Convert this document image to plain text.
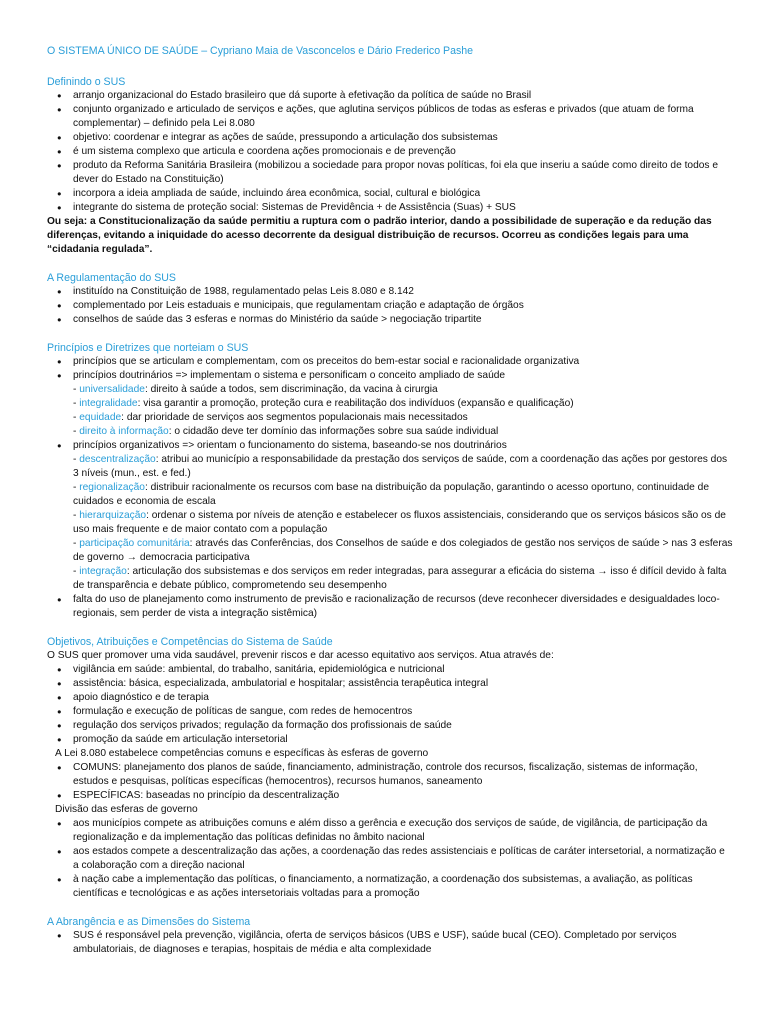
O SISTEMA ÚNICO DE SAÚDE – Cypriano Maia de Vasconcelos e Dário Frederico Pashe

Definindo o SUS

● arranjo organizacional do Estado brasileiro que dá suporte à efetivação da política de saúde no Brasil
● conjunto organizado e articulado de serviços e ações, que aglutina serviços públicos de todas as esferas e privados (que atuam de forma complementar) – definido pela Lei 8.080
● objetivo: coordenar e integrar as ações de saúde, pressupondo a articulação dos subsistemas
● é um sistema complexo que articula e coordena ações promocionais e de prevenção
● produto da Reforma Sanitária Brasileira (mobilizou a sociedade para propor novas políticas, foi ela que inseriu a saúde como direito de todos e dever do Estado na Constituição)
● incorpora a ideia ampliada de saúde, incluindo área econômica, social, cultural e biológica
● integrante do sistema de proteção social: Sistemas de Previdência + de Assistência (Suas) + SUS

Ou seja: a Constitucionalização da saúde permitiu a ruptura com o padrão interior, dando a possibilidade de superação e da redução das diferenças, evitando a iniquidade do acesso decorrente da desigual distribuição de recursos. Ocorreu as condições legais para uma “cidadania regulada”.

A Regulamentação do SUS

● instituído na Constituição de 1988, regulamentado pelas Leis 8.080 e 8.142
● complementado por Leis estaduais e municipais, que regulamentam criação e adaptação de órgãos
● conselhos de saúde das 3 esferas e normas do Ministério da saúde > negociação tripartite

Princípios e Diretrizes que norteiam o SUS

● princípios que se articulam e complementam, com os preceitos do bem-estar social e racionalidade organizativa
● princípios doutrinários => implementam o sistema e personificam o conceito ampliado de saúde
- universalidade: direito à saúde a todos, sem discriminação, da vacina à cirurgia
- integralidade: visa garantir a promoção, proteção cura e reabilitação dos indivíduos (expansão e qualificação)
- equidade: dar prioridade de serviços aos segmentos populacionais mais necessitados
- direito à informação: o cidadão deve ter domínio das informações sobre sua saúde individual
● princípios organizativos => orientam o funcionamento do sistema, baseando-se nos doutrinários
- descentralização: atribui ao município a responsabilidade da prestação dos serviços de saúde, com a coordenação das ações por gestores dos 3 níveis (mun., est. e fed.)
- regionalização: distribuir racionalmente os recursos com base na distribuição da população, garantindo o acesso oportuno, continuidade de cuidados e economia de escala
- hierarquização: ordenar o sistema por níveis de atenção e estabelecer os fluxos assistenciais, considerando que os serviços básicos são os de uso mais frequente e de maior contato com a população
- participação comunitária: através das Conferências, dos Conselhos de saúde e dos colegiados de gestão nos serviços de saúde > nas 3 esferas de governo → democracia participativa
- integração: articulação dos subsistemas e dos serviços em reder integradas, para assegurar a eficácia do sistema → isso é difícil devido à falta de transparência e debate público, comprometendo seu desempenho
● falta do uso de planejamento como instrumento de previsão e racionalização de recursos (deve reconhecer diversidades e desigualdades loco-regionais, sem perder de vista a integração sistêmica)

Objetivos, Atribuições e Competências do Sistema de Saúde

O SUS quer promover uma vida saudável, prevenir riscos e dar acesso equitativo aos serviços. Atua através de:

● vigilância em saúde: ambiental, do trabalho, sanitária, epidemiológica e nutricional
● assistência: básica, especializada, ambulatorial e hospitalar; assistência terapêutica integral
● apoio diagnóstico e de terapia
● formulação e execução de políticas de sangue, com redes de hemocentros
● regulação dos serviços privados; regulação da formação dos profissionais de saúde
● promoção da saúde em articulação intersetorial

A Lei 8.080 estabelece competências comuns e específicas às esferas de governo

● COMUNS: planejamento dos planos de saúde, financiamento, administração, controle dos recursos, fiscalização, sistemas de informação, estudos e pesquisas, políticas específicas (hemocentros), recursos humanos, saneamento
● ESPECÍFICAS: baseadas no princípio da descentralização

Divisão das esferas de governo

● aos municípios compete as atribuições comuns e além disso a gerência e execução dos serviços de saúde, de vigilância, de participação da regionalização e da implementação das políticas definidas no âmbito nacional
● aos estados compete a descentralização das ações, a coordenação das redes assistenciais e políticas de caráter intersetorial, a normatização e a colaboração com a direção nacional
● à nação cabe a implementação das políticas, o financiamento, a normatização, a coordenação dos subsistemas, a avaliação, as políticas científicas e tecnológicas e as ações intersetoriais voltadas para a promoção

A Abrangência e as Dimensões do Sistema

● SUS é responsável pela prevenção, vigilância, oferta de serviços básicos (UBS e USF), saúde bucal (CEO). Completado por serviços ambulatoriais, de diagnoses e terapias, hospitais de média e alta complexidade
